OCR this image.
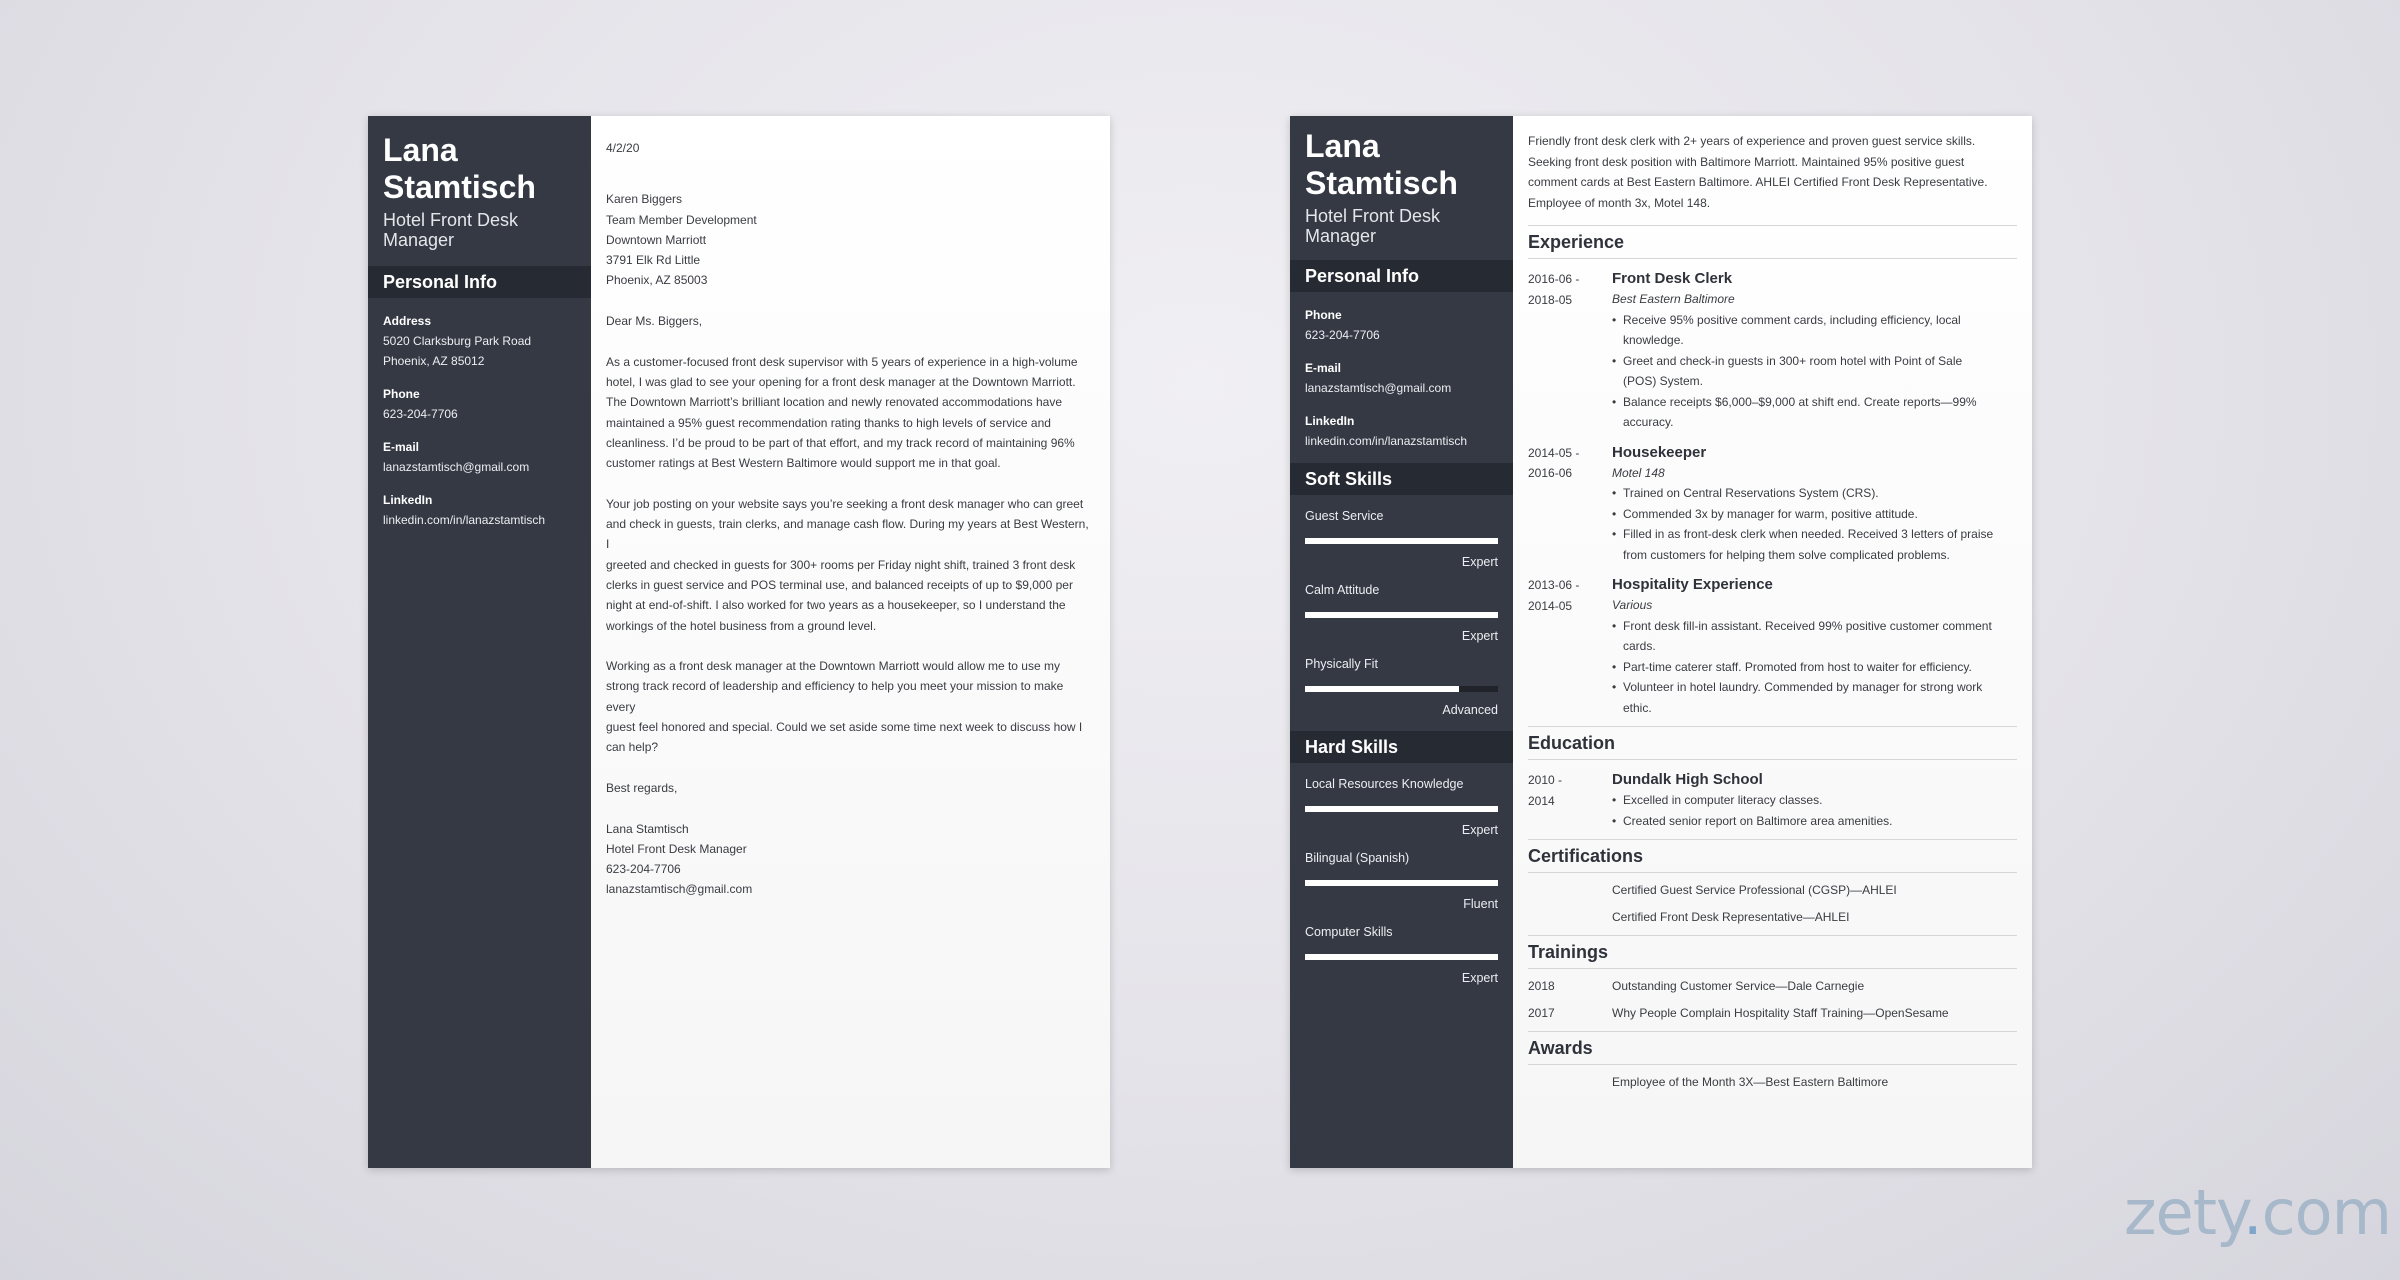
Lana
Stamtisch
Hotel Front Desk
Manager
Personal Info
Address
5020 Clarksburg Park Road
Phoenix, AZ 85012
Phone
623-204-7706
E-mail
lanazstamtisch@gmail.com
LinkedIn
linkedin.com/in/lanazstamtisch

4/2/20

Karen Biggers
Team Member Development
Downtown Marriott
3791 Elk Rd Little
Phoenix, AZ 85003

Dear Ms. Biggers,

As a customer-focused front desk supervisor with 5 years of experience in a high-volume
hotel, I was glad to see your opening for a front desk manager at the Downtown Marriott.
The Downtown Marriott’s brilliant location and newly renovated accommodations have
maintained a 95% guest recommendation rating thanks to high levels of service and
cleanliness. I’d be proud to be part of that effort, and my track record of maintaining 96%
customer ratings at Best Western Baltimore would support me in that goal.

Your job posting on your website says you’re seeking a front desk manager who can greet
and check in guests, train clerks, and manage cash flow. During my years at Best Western, I
greeted and checked in guests for 300+ rooms per Friday night shift, trained 3 front desk
clerks in guest service and POS terminal use, and balanced receipts of up to $9,000 per
night at end-of-shift. I also worked for two years as a housekeeper, so I understand the
workings of the hotel business from a ground level.

Working as a front desk manager at the Downtown Marriott would allow me to use my
strong track record of leadership and efficiency to help you meet your mission to make every
guest feel honored and special. Could we set aside some time next week to discuss how I
can help?

Best regards,

Lana Stamtisch
Hotel Front Desk Manager
623-204-7706
lanazstamtisch@gmail.com

Lana
Stamtisch
Hotel Front Desk
Manager
Personal Info
Phone
623-204-7706
E-mail
lanazstamtisch@gmail.com
LinkedIn
linkedin.com/in/lanazstamtisch
Soft Skills
Guest Service
Expert
Calm Attitude
Expert
Physically Fit
Advanced
Hard Skills
Local Resources Knowledge
Expert
Bilingual (Spanish)
Fluent
Computer Skills
Expert
Friendly front desk clerk with 2+ years of experience and proven guest service skills.
Seeking front desk position with Baltimore Marriott. Maintained 95% positive guest
comment cards at Best Eastern Baltimore. AHLEI Certified Front Desk Representative.
Employee of month 3x, Motel 148.
Experience
2016-06 -
2018-05
Front Desk Clerk
Best Eastern Baltimore
• Receive 95% positive comment cards, including efficiency, local
knowledge.
• Greet and check-in guests in 300+ room hotel with Point of Sale
(POS) System.
• Balance receipts $6,000–$9,000 at shift end. Create reports—99%
accuracy.
2014-05 -
2016-06
Housekeeper
Motel 148
• Trained on Central Reservations System (CRS).
• Commended 3x by manager for warm, positive attitude.
• Filled in as front-desk clerk when needed. Received 3 letters of praise
from customers for helping them solve complicated problems.
2013-06 -
2014-05
Hospitality Experience
Various
• Front desk fill-in assistant. Received 99% positive customer comment
cards.
• Part-time caterer staff. Promoted from host to waiter for efficiency.
• Volunteer in hotel laundry. Commended by manager for strong work
ethic.
Education
2010 -
2014
Dundalk High School
• Excelled in computer literacy classes.
• Created senior report on Baltimore area amenities.
Certifications
Certified Guest Service Professional (CGSP)—AHLEI
Certified Front Desk Representative—AHLEI
Trainings
2018	Outstanding Customer Service—Dale Carnegie
2017	Why People Complain Hospitality Staff Training—OpenSesame
Awards
Employee of the Month 3X—Best Eastern Baltimore
zety.com
